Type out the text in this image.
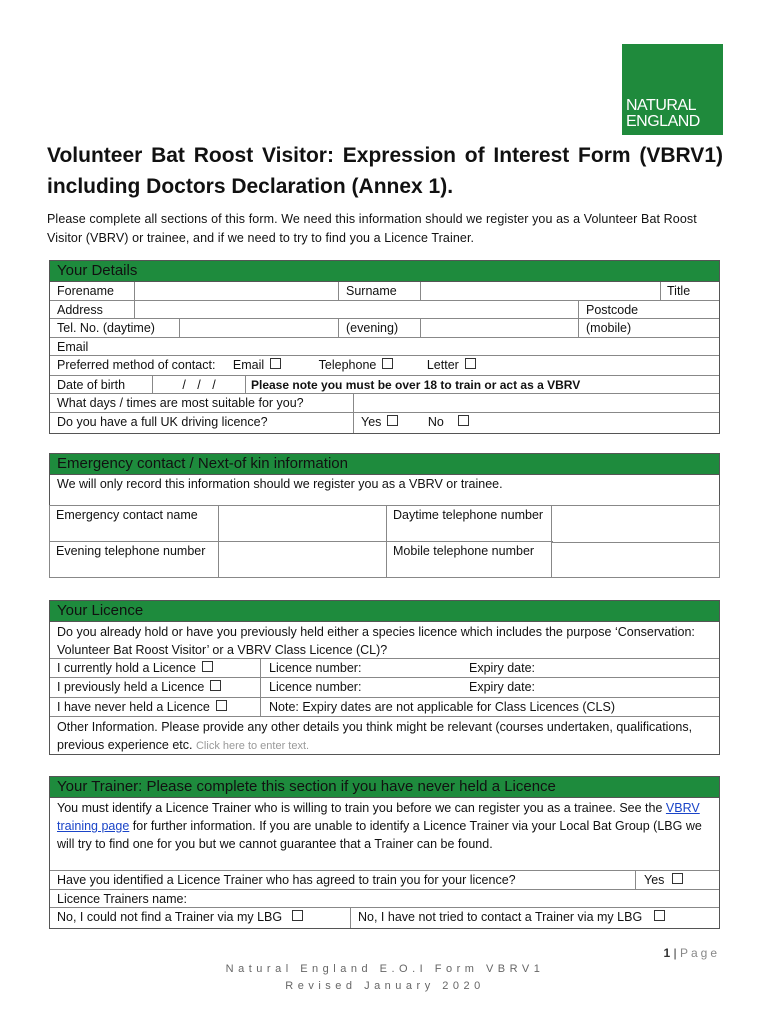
NATURAL
ENGLAND
Volunteer Bat Roost Visitor: Expression of Interest Form (VBRV1) including Doctors Declaration (Annex 1).
Please complete all sections of this form. We need this information should we register you as a Volunteer Bat Roost Visitor (VBRV) or trainee, and if we need to try to find you a Licence Trainer.
Your Details
Forename	Surname	Title
Address	Postcode
Tel. No. (daytime)	(evening)	(mobile)
Email
Preferred method of contact: Email	Telephone	Letter
Date of birth	/ / /	Please note you must be over 18 to train or act as a VBRV
What days / times are most suitable for you?
Do you have a full UK driving licence?	Yes	No
Emergency contact / Next-of kin information
We will only record this information should we register you as a VBRV or trainee.
Emergency contact name	Daytime telephone number
Evening telephone number	Mobile telephone number
Your Licence
Do you already hold or have you previously held either a species licence which includes the purpose ‘Conservation: Volunteer Bat Roost Visitor’ or a VBRV Class Licence (CL)?
I currently hold a Licence	Licence number:	Expiry date:
I previously held a Licence	Licence number:	Expiry date:
I have never held a Licence	Note: Expiry dates are not applicable for Class Licences (CLS)
Other Information. Please provide any other details you think might be relevant (courses undertaken, qualifications, previous experience etc. Click here to enter text.
Your Trainer: Please complete this section if you have never held a Licence
You must identify a Licence Trainer who is willing to train you before we can register you as a trainee. See the VBRV training page for further information. If you are unable to identify a Licence Trainer via your Local Bat Group (LBG we will try to find one for you but we cannot guarantee that a Trainer can be found.
Have you identified a Licence Trainer who has agreed to train you for your licence?	Yes
Licence Trainers name:
No, I could not find a Trainer via my LBG	No, I have not tried to contact a Trainer via my LBG
1 | Page
Natural England E.O.I Form VBRV1
Revised January 2020
